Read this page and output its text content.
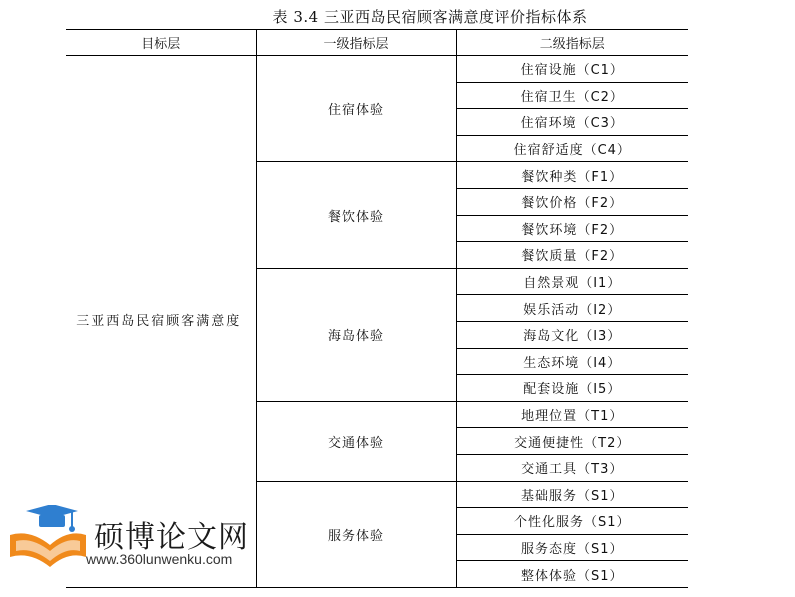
表 3.4 三亚西岛民宿顾客满意度评价指标体系
目标层	一级指标层	二级指标层
三亚西岛民宿顾客满意度	住宿体验	住宿设施（C1）
		住宿卫生（C2）
		住宿环境（C3）
		住宿舒适度（C4）
	餐饮体验	餐饮种类（F1）
		餐饮价格（F2）
		餐饮环境（F2）
		餐饮质量（F2）
	海岛体验	自然景观（I1）
		娱乐活动（I2）
		海岛文化（I3）
		生态环境（I4）
		配套设施（I5）
	交通体验	地理位置（T1）
		交通便捷性（T2）
		交通工具（T3）
	服务体验	基础服务（S1）
		个性化服务（S1）
		服务态度（S1）
		整体体验（S1）
硕博论文网
www.360lunwenku.com
